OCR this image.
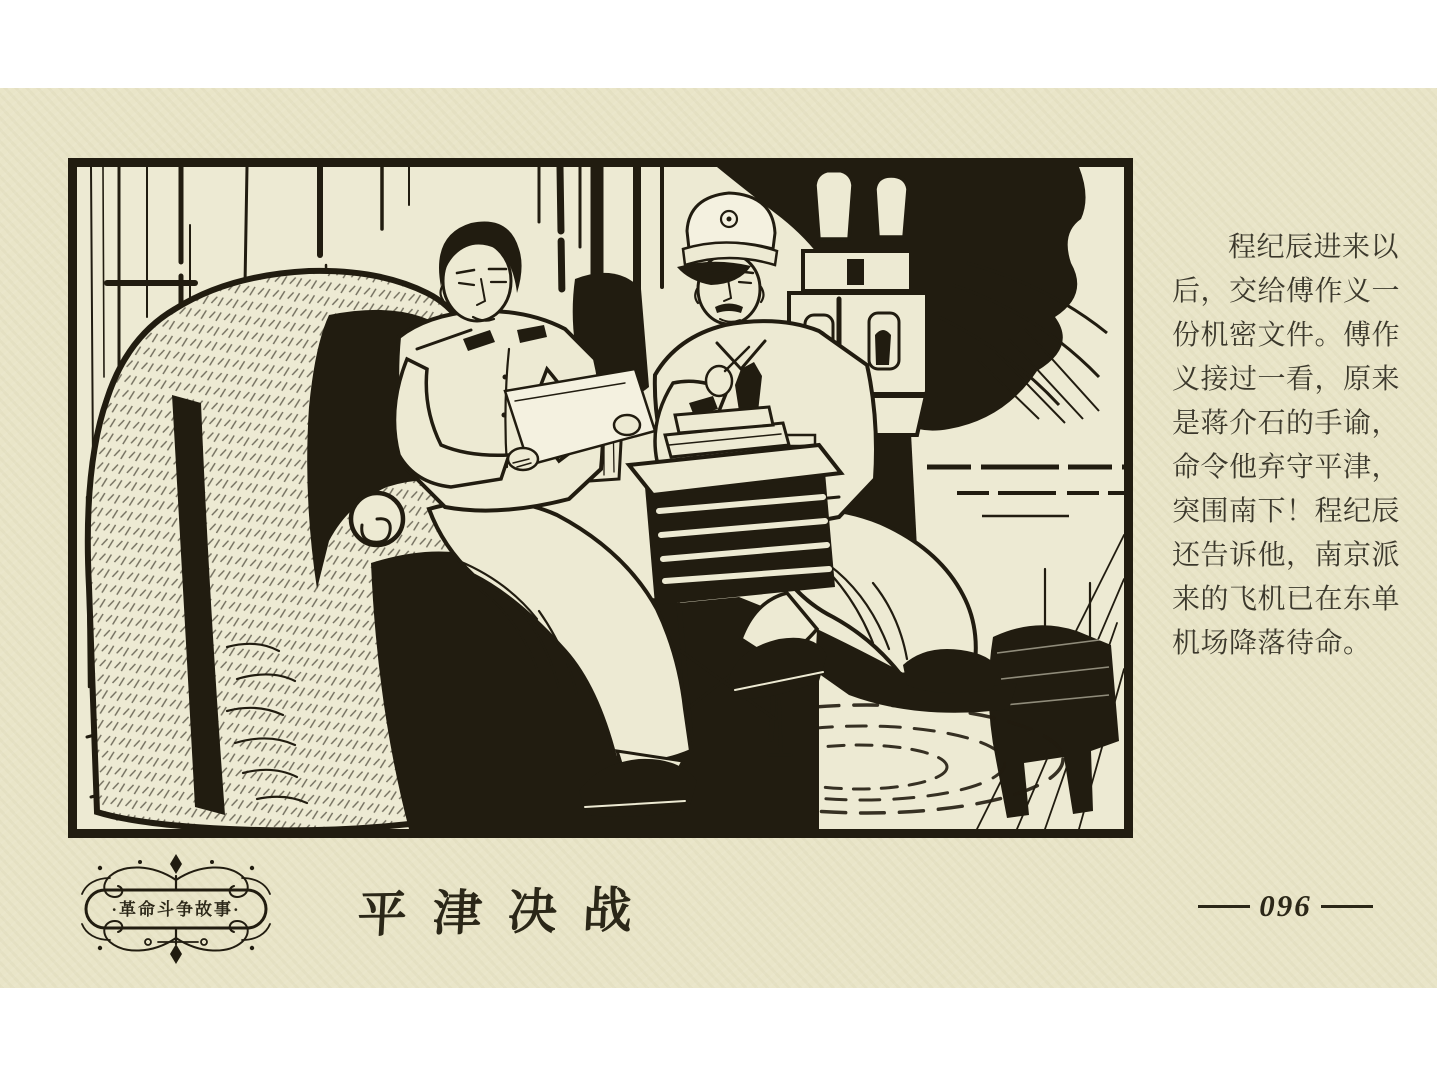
程纪辰进来以
后，交给傅作义一
份机密文件。傅作
义接过一看，原来
是蒋介石的手谕，
命令他弃守平津，
突围南下！程纪辰
还告诉他，南京派
来的飞机已在东单
机场降落待命。
·革命斗争故事· 平津决战	096
